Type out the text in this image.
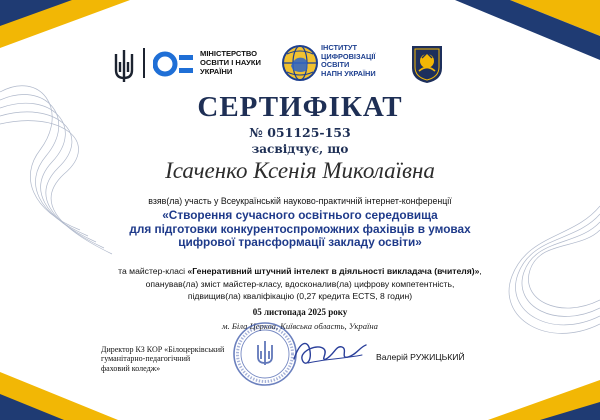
МІНІСТЕРСТВО
ОСВІТИ І НАУКИ
УКРАЇНИ
ІНСТИТУТ
ЦИФРОВІЗАЦІЇ
ОСВІТИ
НАПН УКРАЇНИ
СЕРТИФІКАТ
№ 051125-153
засвідчує, що
Ісаченко Ксенія Миколаївна
взяв(ла) участь у Всеукраїнській науково-практичній інтернет-конференції
«Створення сучасного освітнього середовища
для підготовки конкурентоспроможних фахівців в умовах
цифрової трансформації закладу освіти»
та майстер-класі «Генеративний штучний інтелект в діяльності викладача (вчителя)»,
опанував(ла) зміст майстер-класу, вдосконалив(ла) цифрову компетентність,
підвищив(ла) кваліфікацію (0,27 кредита ECTS, 8 годин)
05 листопада 2025 року
м. Біла Церква, Київська область, Україна
Директор КЗ КОР «Білоцерківський
гуманітарно-педагогічний
фаховий коледж»
Валерій РУЖИЦЬКИЙ
